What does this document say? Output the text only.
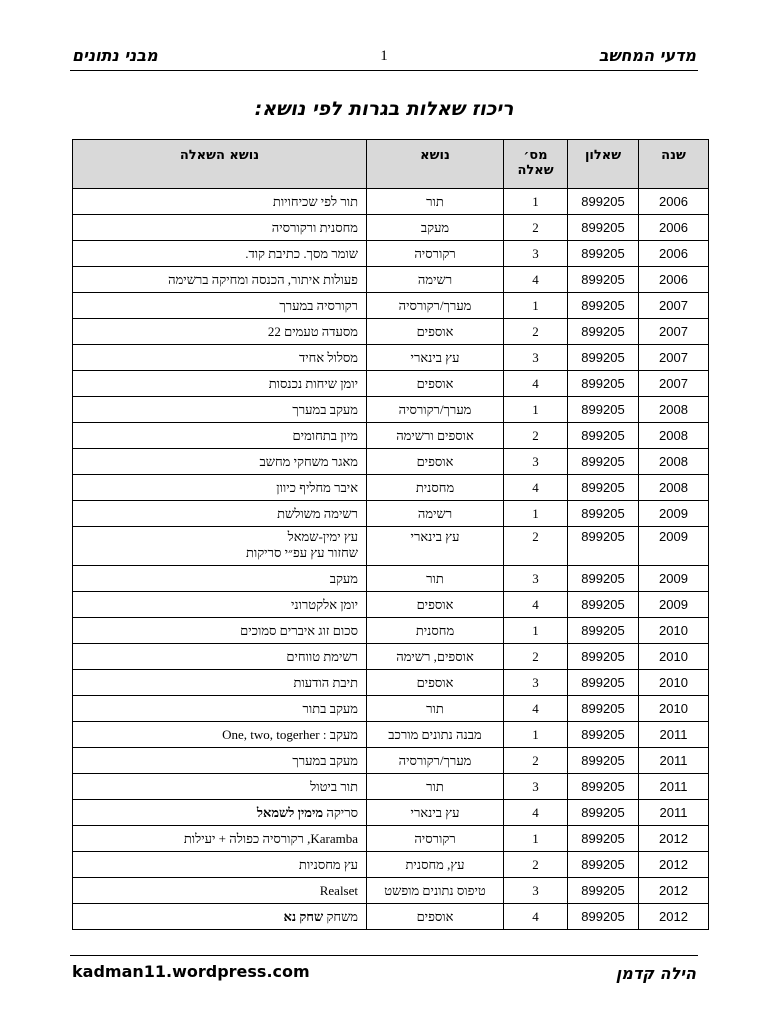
מדעי המחשב
1
מבני נתונים
ריכוז שאלות בגרות לפי נושא:
שנה	שאלון	מס׳ שאלה	נושא	נושא השאלה
2006	899205	1	תור	תור לפי שכיחויות
2006	899205	2	מעקב	מחסנית ורקורסיה
2006	899205	3	רקורסיה	שומר מסך. כתיבת קוד.
2006	899205	4	רשימה	פעולות איתור, הכנסה ומחיקה ברשימה
2007	899205	1	מערך/רקורסיה	רקורסיה במערך
2007	899205	2	אוספים	מסעדה טעמים 22
2007	899205	3	עץ בינארי	מסלול אחיד
2007	899205	4	אוספים	יומן שיחות נכנסות
2008	899205	1	מערך/רקורסיה	מעקב במערך
2008	899205	2	אוספים ורשימה	מיון בתחומים
2008	899205	3	אוספים	מאגר משחקי מחשב
2008	899205	4	מחסנית	איבר מחליף כיוון
2009	899205	1	רשימה	רשימה משולשת
2009	899205	2	עץ בינארי	עץ ימין-שמאל
שחזור עץ עפ״י סריקות
2009	899205	3	תור	מעקב
2009	899205	4	אוספים	יומן אלקטרוני
2010	899205	1	מחסנית	סכום זוג איברים סמוכים
2010	899205	2	אוספים, רשימה	רשימת טווחים
2010	899205	3	אוספים	תיבת הודעות
2010	899205	4	תור	מעקב בתור
2011	899205	1	מבנה נתונים מורכב	מעקב : One, two, togerher
2011	899205	2	מערך/רקורסיה	מעקב במערך
2011	899205	3	תור	תור ביטול
2011	899205	4	עץ בינארי	סריקה מימין לשמאל
2012	899205	1	רקורסיה	Karamba, רקורסיה כפולה + יעילות
2012	899205	2	עץ, מחסנית	עץ מחסניות
2012	899205	3	טיפוס נתונים מופשט	Realset
2012	899205	4	אוספים	משחק שחק נא
הילה קדמן
kadman11.wordpress.com
